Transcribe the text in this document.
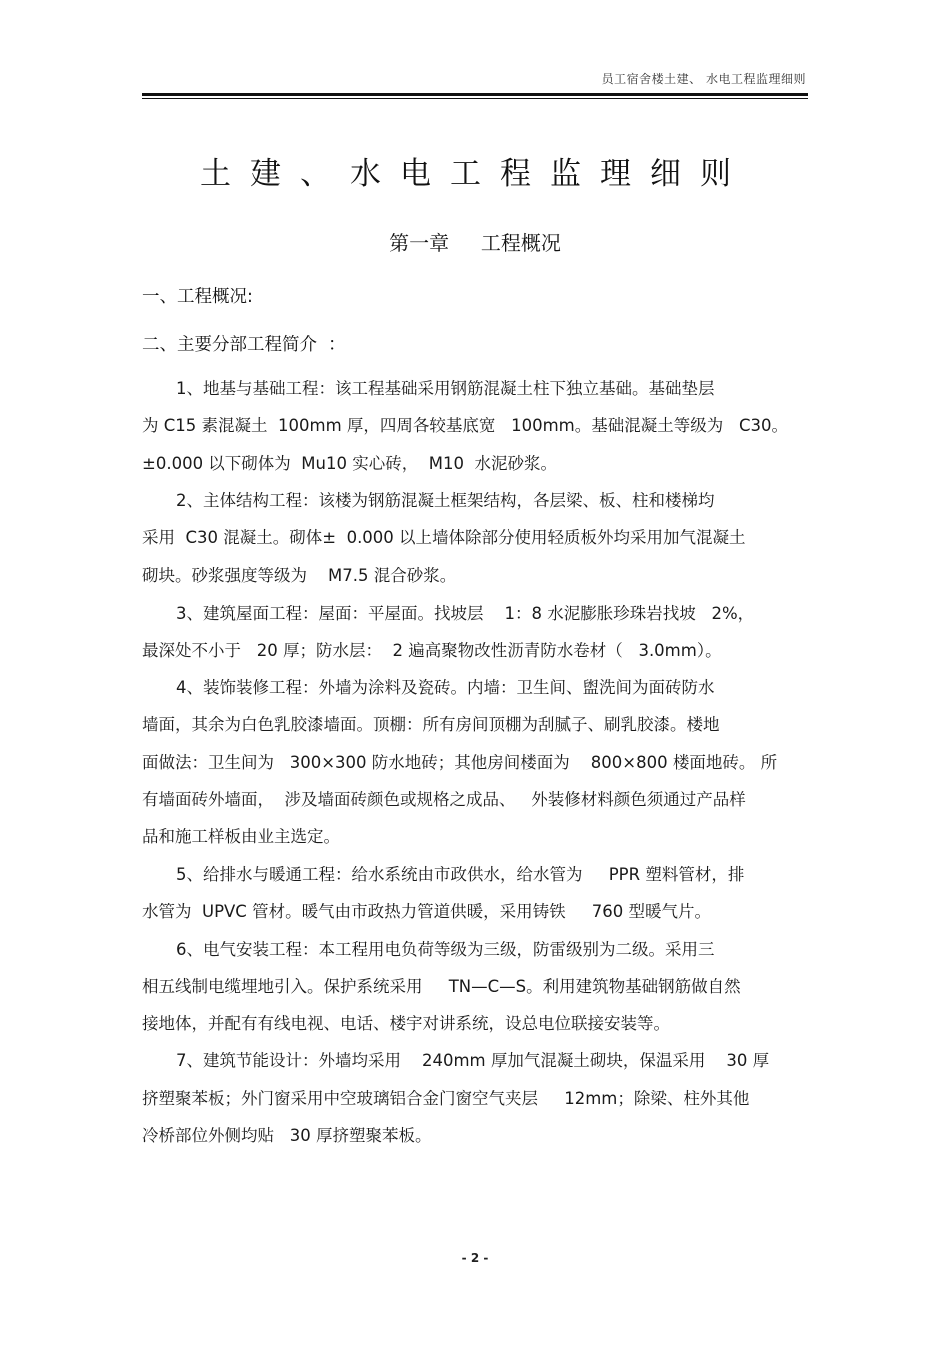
员工宿舍楼土建、 水电工程监理细则
土建、水电工程监理细则
第一章     工程概况
一、工程概况:
二、主要分部工程简介  ：
1、地基与基础工程：该工程基础采用钢筋混凝土柱下独立基础。基础垫层
为 C15 素混凝土  100mm 厚，四周各较基底宽   100mm。基础混凝土等级为   C30。
±0.000 以下砌体为  Mu10 实心砖，  M10  水泥砂浆。
2、主体结构工程：该楼为钢筋混凝土框架结构，各层梁、板、柱和楼梯均
采用  C30 混凝土。砌体±  0.000 以上墙体除部分使用轻质板外均采用加气混凝土
砌块。砂浆强度等级为    M7.5 混合砂浆。
3、建筑屋面工程：屋面：平屋面。找坡层    1：8 水泥膨胀珍珠岩找坡   2%，
最深处不小于   20 厚；防水层：  2 遍高聚物改性沥青防水卷材（   3.0mm）。
4、装饰装修工程：外墙为涂料及瓷砖。内墙：卫生间、盥洗间为面砖防水
墙面，其余为白色乳胶漆墙面。顶棚：所有房间顶棚为刮腻子、刷乳胶漆。楼地
面做法：卫生间为   300×300 防水地砖；其他房间楼面为    800×800 楼面地砖。 所
有墙面砖外墙面，  涉及墙面砖颜色或规格之成品、   外装修材料颜色须通过产品样
品和施工样板由业主选定。
5、给排水与暖通工程：给水系统由市政供水，给水管为     PPR 塑料管材，排
水管为  UPVC 管材。暖气由市政热力管道供暖，采用铸铁     760 型暖气片。
6、电气安装工程：本工程用电负荷等级为三级，防雷级别为二级。采用三
相五线制电缆埋地引入。保护系统采用     TN—C—S。利用建筑物基础钢筋做自然
接地体，并配有有线电视、电话、楼宇对讲系统，设总电位联接安装等。
7、建筑节能设计：外墙均采用    240mm 厚加气混凝土砌块，保温采用    30 厚
挤塑聚苯板；外门窗采用中空玻璃铝合金门窗空气夹层     12mm；除梁、柱外其他
冷桥部位外侧均贴   30 厚挤塑聚苯板。
- 2 -
